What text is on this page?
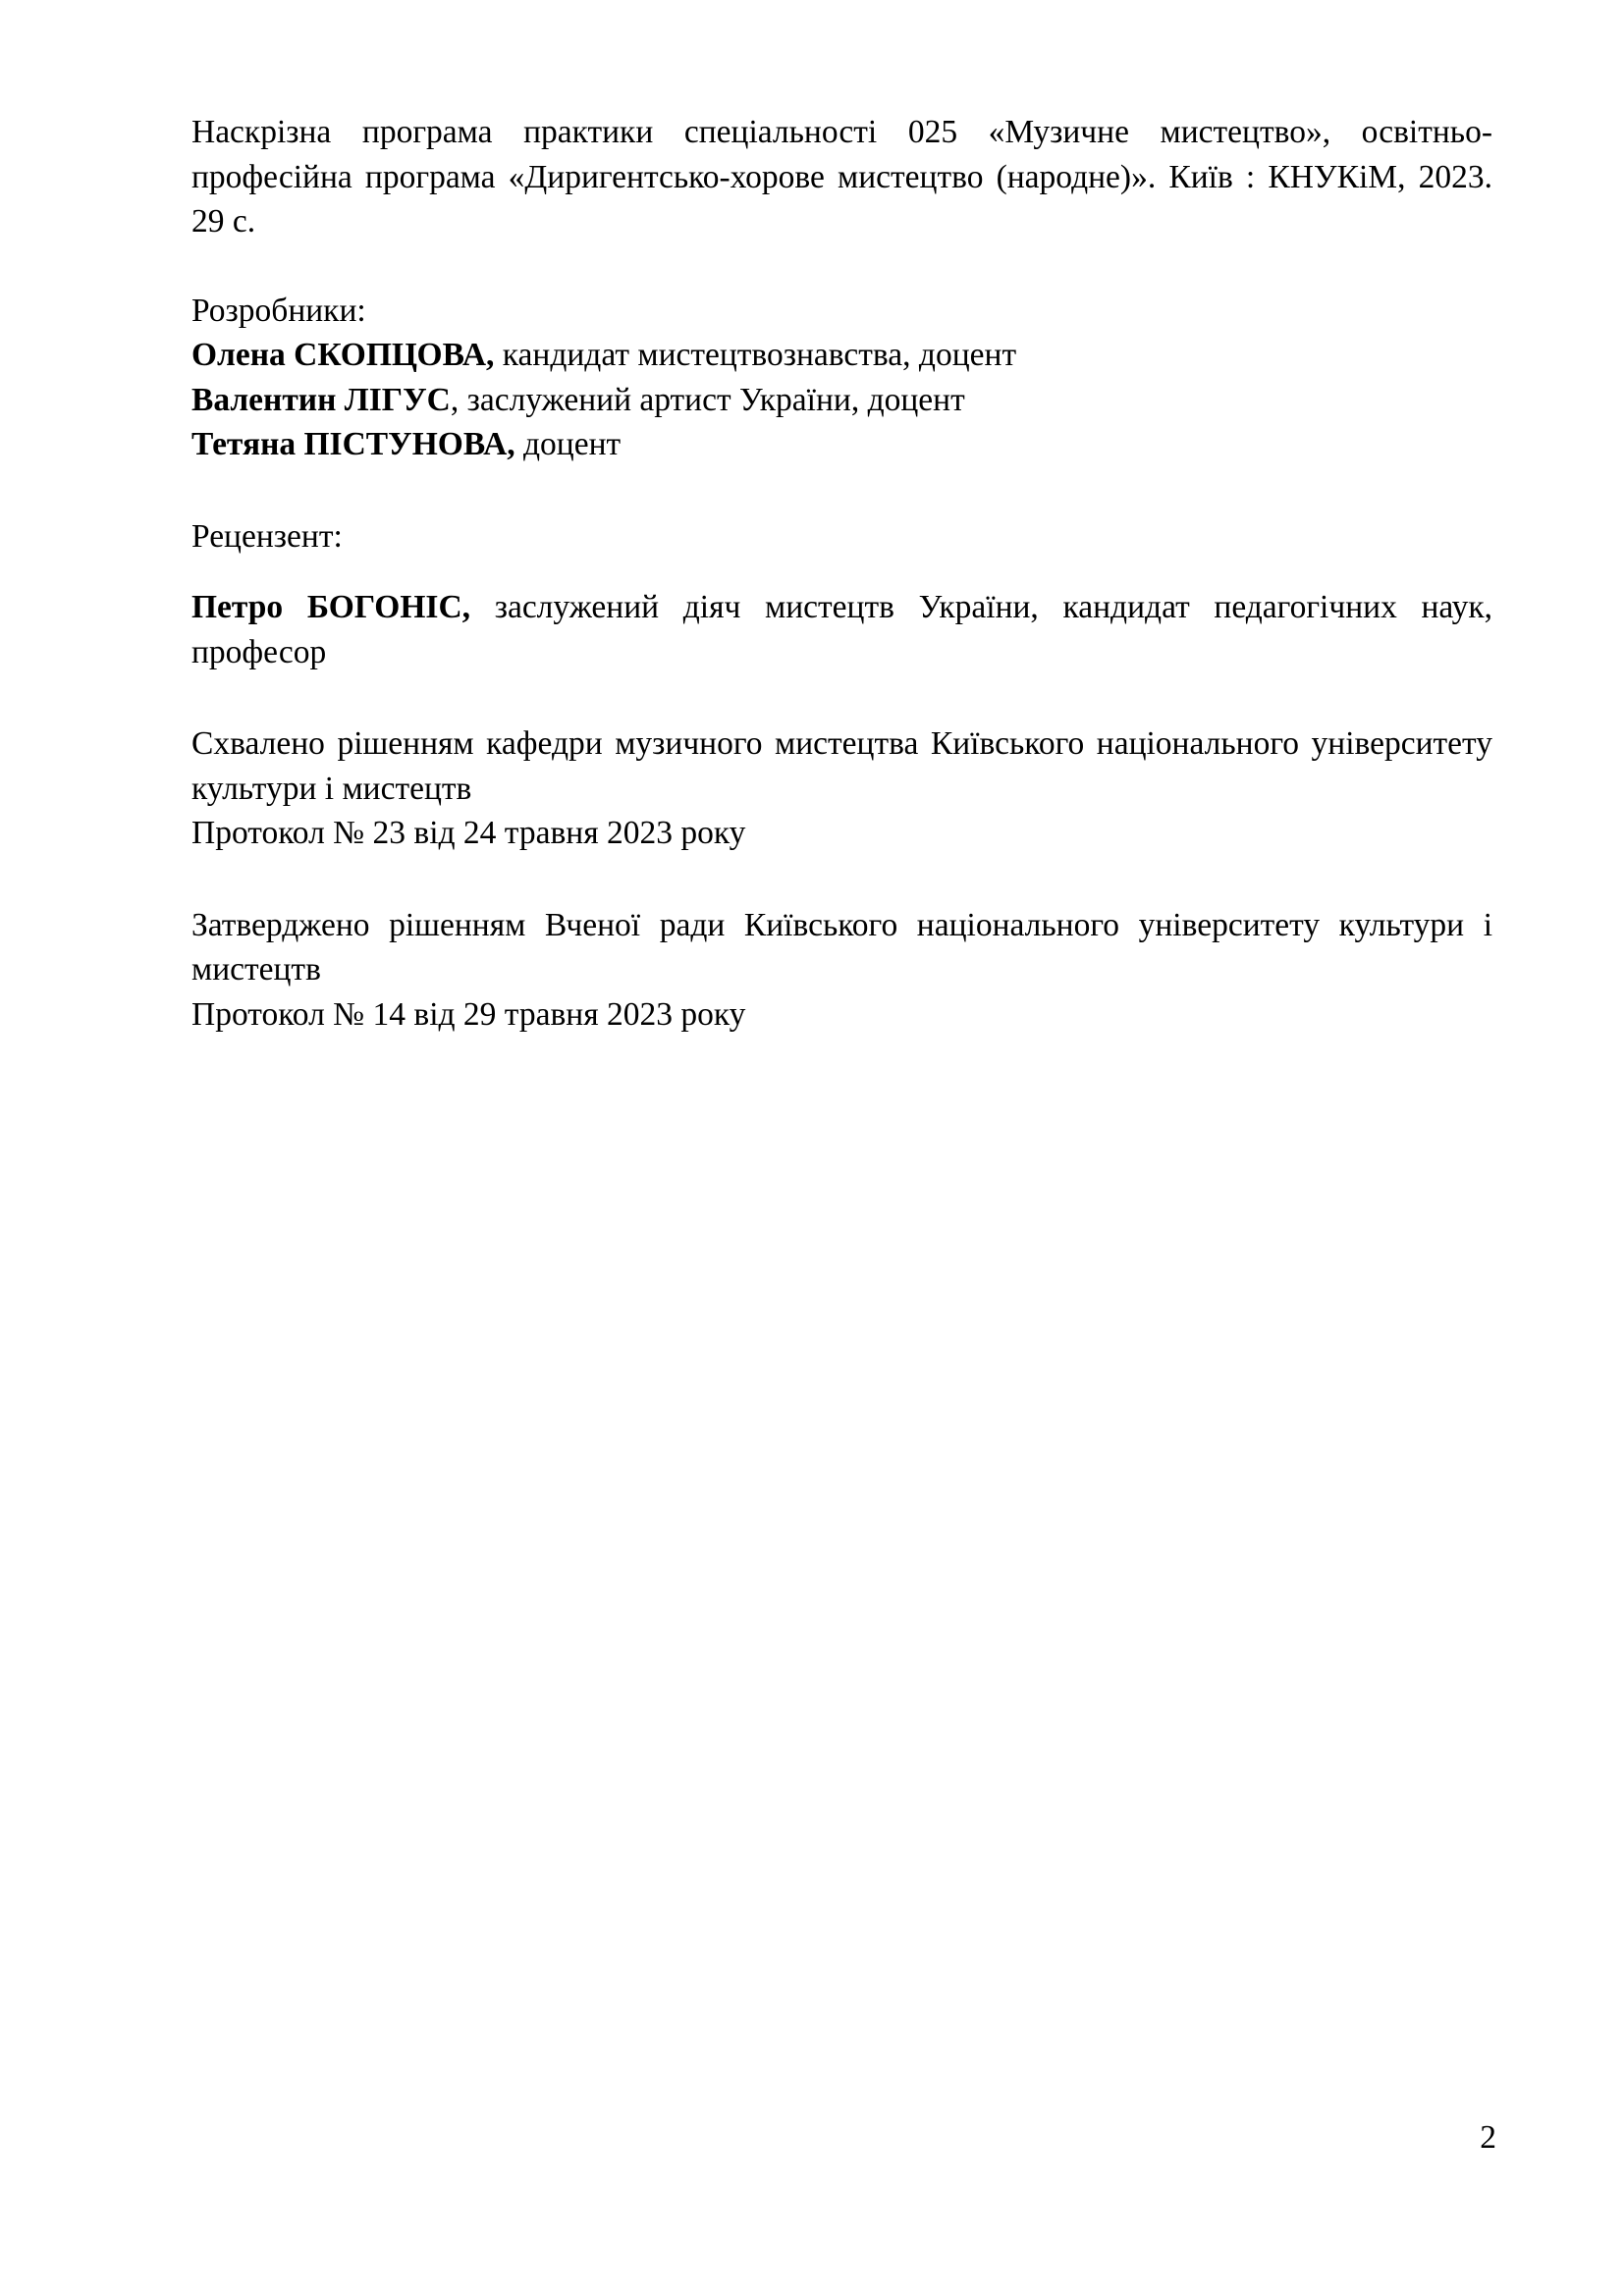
Наскрізна програма практики спеціальності 025 «Музичне мистецтво», освітньо-професійна програма «Диригентсько-хорове мистецтво (народне)». Київ : КНУКіМ, 2023. 29 с.

Розробники:

Олена СКОПЦОВА, кандидат мистецтвознавства, доцент

Валентин ЛІГУС, заслужений артист України, доцент

Тетяна ПІСТУНОВА, доцент

Рецензент:

Петро БОГОНІС, заслужений діяч мистецтв України, кандидат педагогічних наук, професор

Схвалено рішенням кафедри музичного мистецтва Київського національного університету культури і мистецтв

Протокол № 23 від 24 травня 2023 року

Затверджено рішенням Вченої ради Київського національного університету культури і мистецтв

Протокол № 14 від 29 травня 2023 року

2
